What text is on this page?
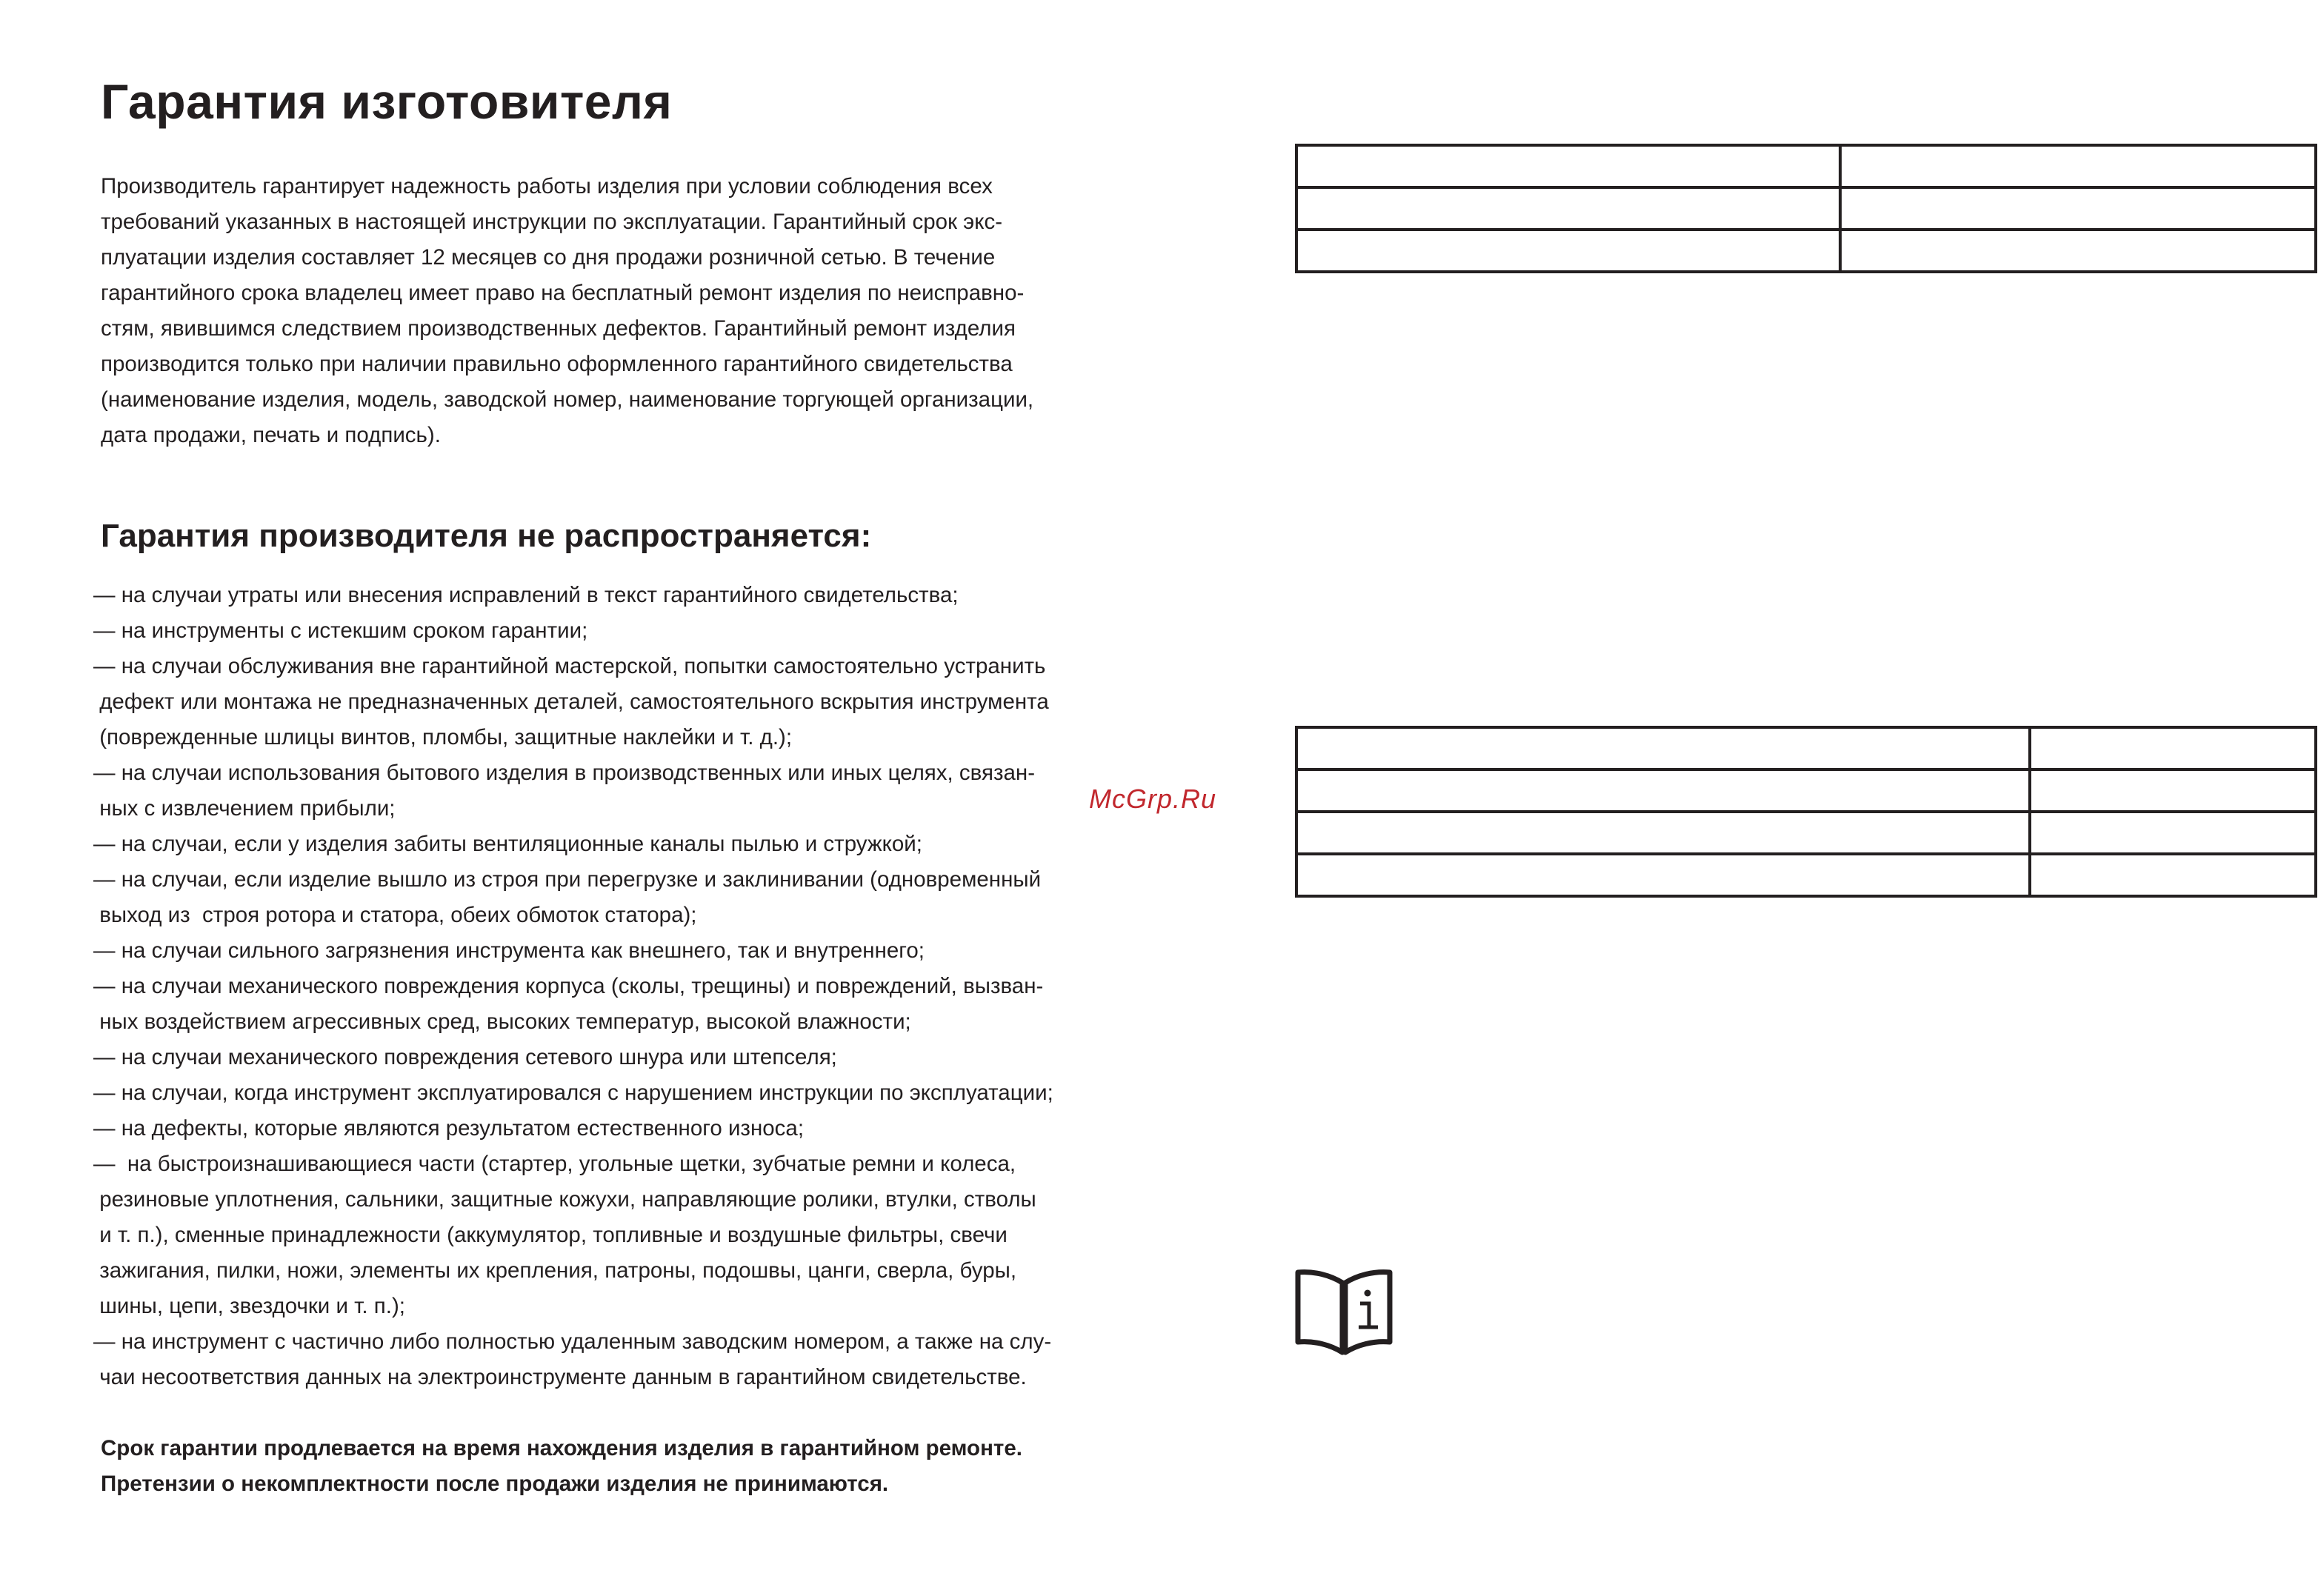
Гарантия изготовителя

Производитель гарантирует надежность работы изделия при условии соблюдения всех
требований указанных в настоящей инструкции по эксплуатации. Гарантийный срок экс-
плуатации изделия составляет 12 месяцев со дня продажи розничной сетью. В течение
гарантийного срока владелец имеет право на бесплатный ремонт изделия по неисправно-
стям, явившимся следствием производственных дефектов. Гарантийный ремонт изделия
производится только при наличии правильно оформленного гарантийного свидетельства
(наименование изделия, модель, заводской номер, наименование торгующей организации,
дата продажи, печать и подпись).

Гарантия производителя не распространяется:
— на случаи утраты или внесения исправлений в текст гарантийного свидетельства;
— на инструменты с истекшим сроком гарантии;
— на случаи обслуживания вне гарантийной мастерской, попытки самостоятельно устранить
дефект или монтажа не предназначенных деталей, самостоятельного вскрытия инструмента
(поврежденные шлицы винтов, пломбы, защитные наклейки и т. д.);
— на случаи использования бытового изделия в производственных или иных целях, связан-
ных с извлечением прибыли;
— на случаи, если у изделия забиты вентиляционные каналы пылью и стружкой;
— на случаи, если изделие вышло из строя при перегрузке и заклинивании (одновременный
выход из  строя ротора и статора, обеих обмоток статора);
— на случаи сильного загрязнения инструмента как внешнего, так и внутреннего;
— на случаи механического повреждения корпуса (сколы, трещины) и повреждений, вызван-
ных воздействием агрессивных сред, высоких температур, высокой влажности;
— на случаи механического повреждения сетевого шнура или штепселя;
— на случаи, когда инструмент эксплуатировался с нарушением инструкции по эксплуатации;
— на дефекты, которые являются результатом естественного износа;
—  на быстроизнашивающиеся части (стартер, угольные щетки, зубчатые ремни и колеса,
резиновые уплотнения, сальники, защитные кожухи, направляющие ролики, втулки, стволы
и т. п.), сменные принадлежности (аккумулятор, топливные и воздушные фильтры, свечи
зажигания, пилки, ножи, элементы их крепления, патроны, подошвы, цанги, сверла, буры,
шины, цепи, звездочки и т. п.);
— на инструмент с частично либо полностью удаленным заводским номером, а также на слу-
чаи несоответствия данных на электроинструменте данным в гарантийном свидетельстве.

Срок гарантии продлевается на время нахождения изделия в гарантийном ремонте.
Претензии о некомплектности после продажи изделия не принимаются.

McGrp.Ru
